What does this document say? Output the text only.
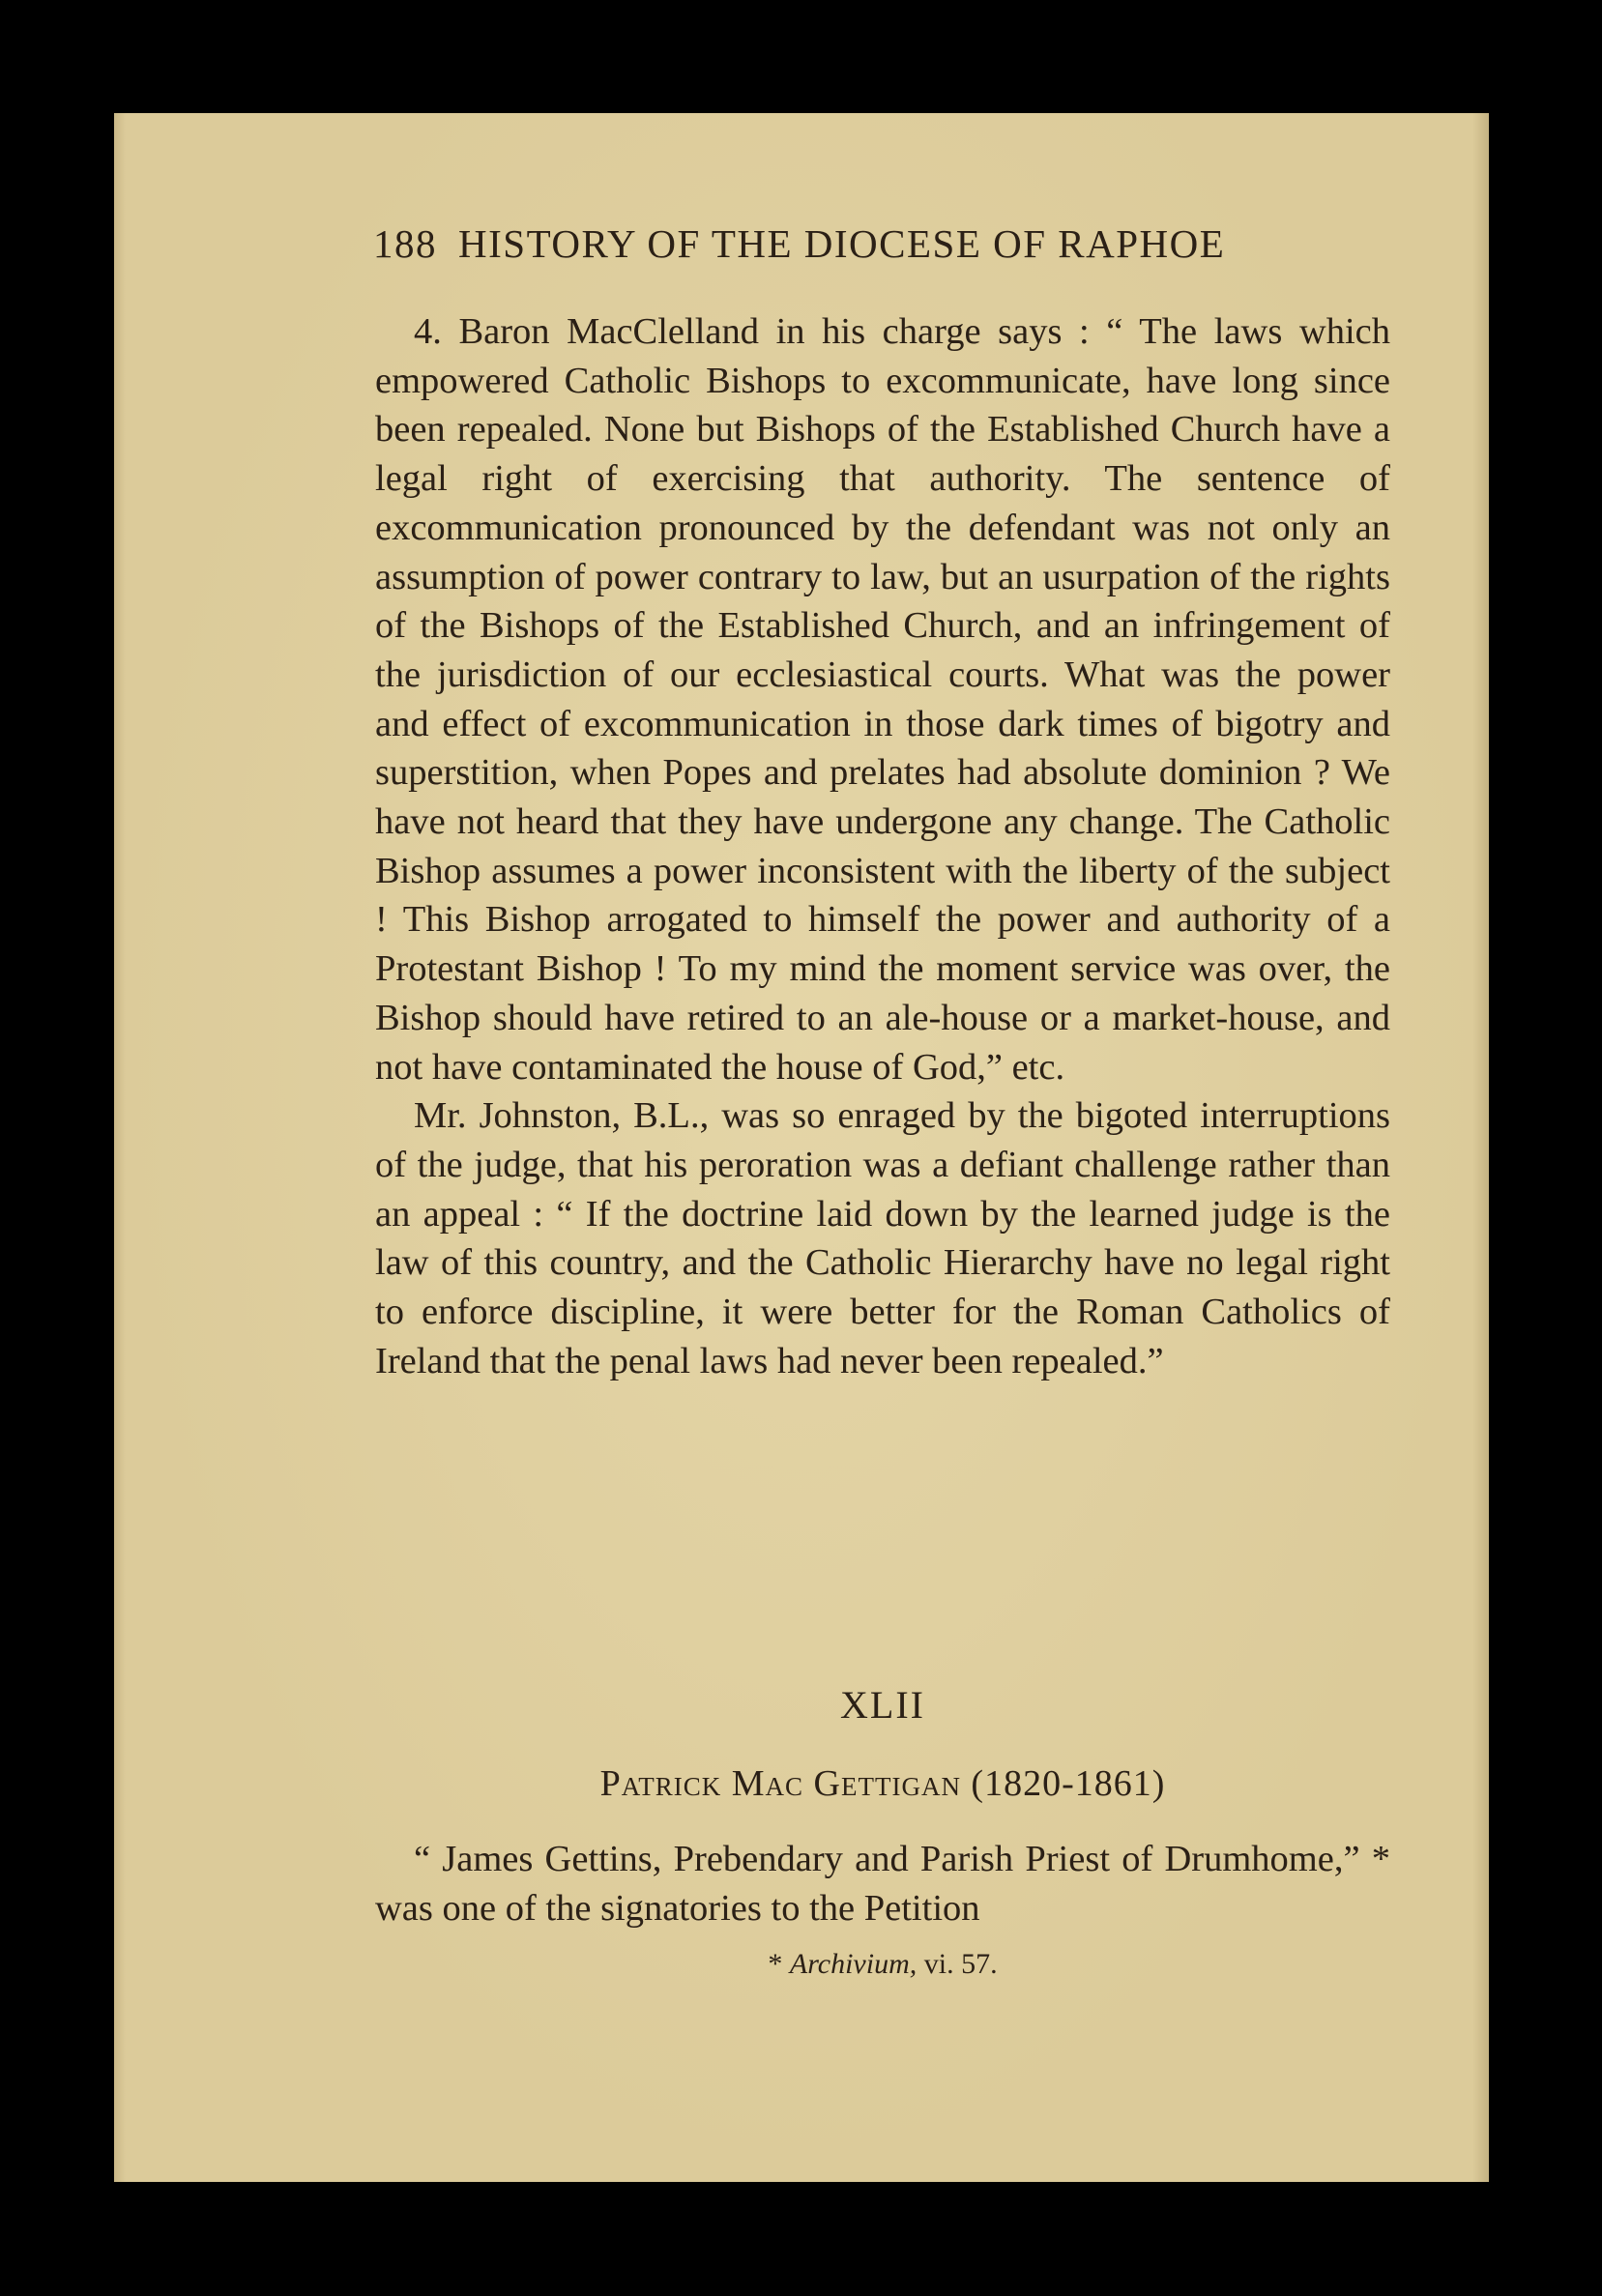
188 HISTORY OF THE DIOCESE OF RAPHOE

4. Baron MacClelland in his charge says : “ The laws which empowered Catholic Bishops to excommunicate, have long since been repealed. None but Bishops of the Established Church have a legal right of exercising that authority. The sentence of excommunication pronounced by the defendant was not only an assumption of power contrary to law, but an usurpation of the rights of the Bishops of the Established Church, and an infringement of the jurisdiction of our ecclesiastical courts. What was the power and effect of excommunication in those dark times of bigotry and superstition, when Popes and prelates had absolute dominion ? We have not heard that they have undergone any change. The Catholic Bishop assumes a power inconsistent with the liberty of the subject ! This Bishop arrogated to himself the power and authority of a Protestant Bishop ! To my mind the moment service was over, the Bishop should have retired to an ale-house or a market-house, and not have contaminated the house of God,” etc.

Mr. Johnston, B.L., was so enraged by the bigoted interruptions of the judge, that his peroration was a defiant challenge rather than an appeal : “ If the doctrine laid down by the learned judge is the law of this country, and the Catholic Hierarchy have no legal right to enforce discipline, it were better for the Roman Catholics of Ireland that the penal laws had never been repealed.”

XLII
Patrick Mac Gettigan (1820-1861)

“ James Gettins, Prebendary and Parish Priest of Drumhome,” * was one of the signatories to the Petition

* Archivium, vi. 57.
